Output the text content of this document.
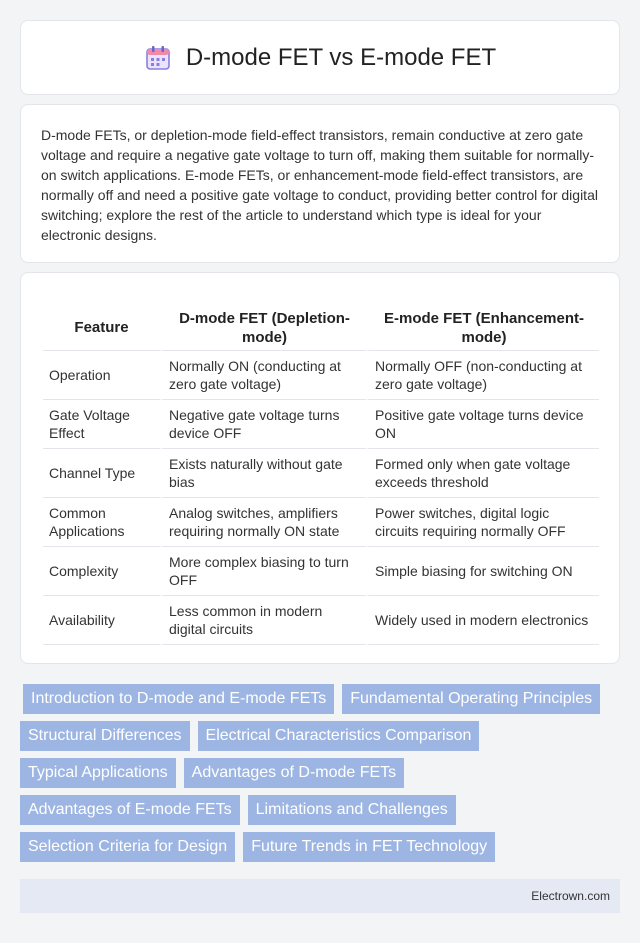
D-mode FET vs E-mode FET

D-mode FETs, or depletion-mode field-effect transistors, remain conductive at zero gate voltage and require a negative gate voltage to turn off, making them suitable for normally-on switch applications. E-mode FETs, or enhancement-mode field-effect transistors, are normally off and need a positive gate voltage to conduct, providing better control for digital switching; explore the rest of the article to understand which type is ideal for your electronic designs.

Feature	D-mode FET (Depletion-mode)	E-mode FET (Enhancement-mode)
Operation	Normally ON (conducting at zero gate voltage)	Normally OFF (non-conducting at zero gate voltage)
Gate Voltage Effect	Negative gate voltage turns device OFF	Positive gate voltage turns device ON
Channel Type	Exists naturally without gate bias	Formed only when gate voltage exceeds threshold
Common Applications	Analog switches, amplifiers requiring normally ON state	Power switches, digital logic circuits requiring normally OFF
Complexity	More complex biasing to turn OFF	Simple biasing for switching ON
Availability	Less common in modern digital circuits	Widely used in modern electronics
Introduction to D-mode and E-mode FETs	Fundamental Operating Principles
Structural Differences	Electrical Characteristics Comparison
Typical Applications	Advantages of D-mode FETs
Advantages of E-mode FETs	Limitations and Challenges
Selection Criteria for Design	Future Trends in FET Technology
Electrown.com
